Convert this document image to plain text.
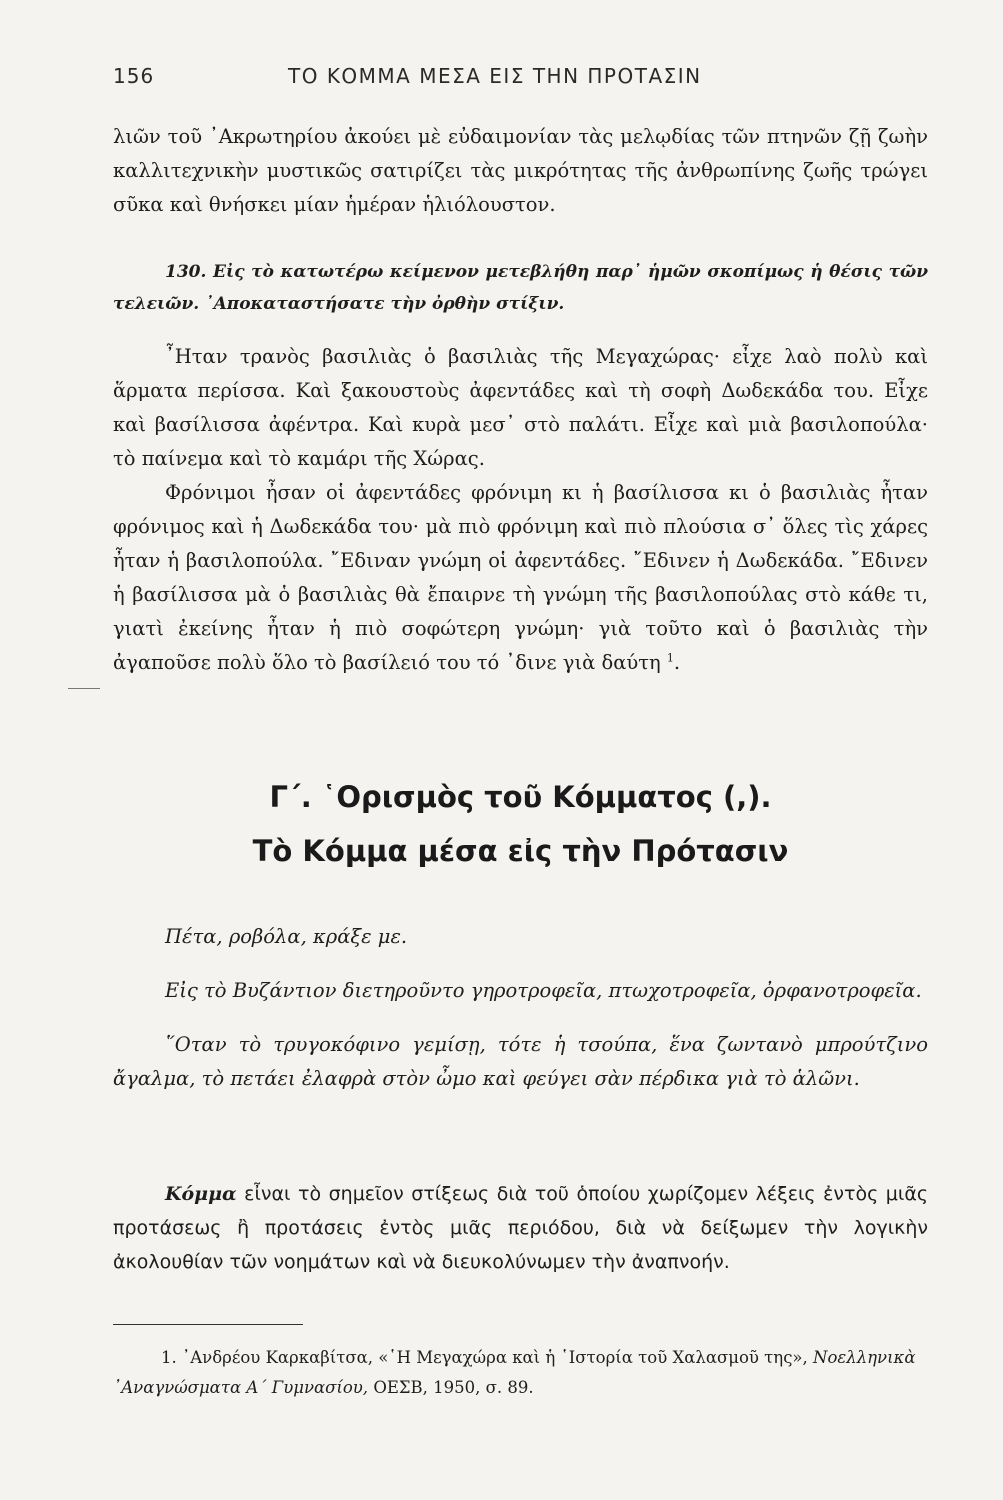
156	ΤΟ ΚΟΜΜΑ ΜΕΣΑ ΕΙΣ ΤΗΝ ΠΡΟΤΑΣΙΝ

λιῶν τοῦ ᾿Ακρωτηρίου ἀκούει μὲ εὐδαιμονίαν τὰς μελῳδίας τῶν πτηνῶν ζῇ ζωὴν καλλιτεχνικὴν μυστικῶς σατιρίζει τὰς μικρότητας τῆς ἀνθρωπίνης ζωῆς τρώγει σῦκα καὶ θνήσκει μίαν ἡμέραν ἡλιόλουστον.

130. Εἰς τὸ κατωτέρω κείμενον μετεβλήθη παρ᾿ ἡμῶν σκοπίμως ἡ θέσις τῶν τελειῶν. ᾿Αποκαταστήσατε τὴν ὀρθὴν στίξιν.

῏Ηταν τρανὸς βασιλιὰς ὁ βασιλιὰς τῆς Μεγαχώρας· εἶχε λαὸ πολὺ καὶ ἅρματα περίσσα. Καὶ ξακουστοὺς ἀφεντάδες καὶ τὴ σοφὴ Δωδεκάδα του. Εἶχε καὶ βασίλισσα ἀφέντρα. Καὶ κυρὰ μεσ᾿ στὸ παλάτι. Εἶχε καὶ μιὰ βασιλοπούλα· τὸ παίνεμα καὶ τὸ καμάρι τῆς Χώρας.

Φρόνιμοι ἦσαν οἱ ἀφεντάδες φρόνιμη κι ἡ βασίλισσα κι ὁ βασιλιὰς ἦταν φρόνιμος καὶ ἡ Δωδεκάδα του· μὰ πιὸ φρόνιμη καὶ πιὸ πλούσια σ᾿ ὅλες τὶς χάρες ἦταν ἡ βασιλοπούλα. ῎Εδιναν γνώμη οἱ ἀφεντάδες. ῎Εδινεν ἡ Δωδεκάδα. ῎Εδινεν ἡ βασίλισσα μὰ ὁ βασιλιὰς θὰ ἔπαιρνε τὴ γνώμη τῆς βασιλοπούλας στὸ κάθε τι, γιατὶ ἐκείνης ἦταν ἡ πιὸ σοφώτερη γνώμη· γιὰ τοῦτο καὶ ὁ βασιλιὰς τὴν ἀγαποῦσε πολὺ ὅλο τὸ βασίλειό του τό ᾿δινε γιὰ δαύτη $^1$.

Γ΄. ῾Ορισμὸς τοῦ Κόμματος (,).
Τὸ Κόμμα μέσα εἰς τὴν Πρότασιν

Πέτα, ροβόλα, κράξε με.

Εἰς τὸ Βυζάντιον διετηροῦντο γηροτροφεῖα, πτωχοτροφεῖα, ὀρφανοτροφεῖα.

῞Οταν τὸ τρυγοκόφινο γεμίσῃ, τότε ἡ τσούπα, ἕνα ζωντανὸ μπρούτζινο ἄγαλμα, τὸ πετάει ἐλαφρὰ στὸν ὦμο καὶ φεύγει σὰν πέρδικα γιὰ τὸ ἁλῶνι.

Κόμμα εἶναι τὸ σημεῖον στίξεως διὰ τοῦ ὁποίου χωρίζομεν λέξεις ἐντὸς μιᾶς προτάσεως ἢ προτάσεις ἐντὸς μιᾶς περιόδου, διὰ νὰ δείξωμεν τὴν λογικὴν ἀκολουθίαν τῶν νοημάτων καὶ νὰ διευκολύνωμεν τὴν ἀναπνοήν.

1. ᾿Ανδρέου Καρκαβίτσα, «῾Η Μεγαχώρα καὶ ἡ ῾Ιστορία τοῦ Χαλασμοῦ της», Νοελληνικὰ ᾿Αναγνώσματα Α΄ Γυμνασίου, ΟΕΣΒ, 1950, σ. 89.
